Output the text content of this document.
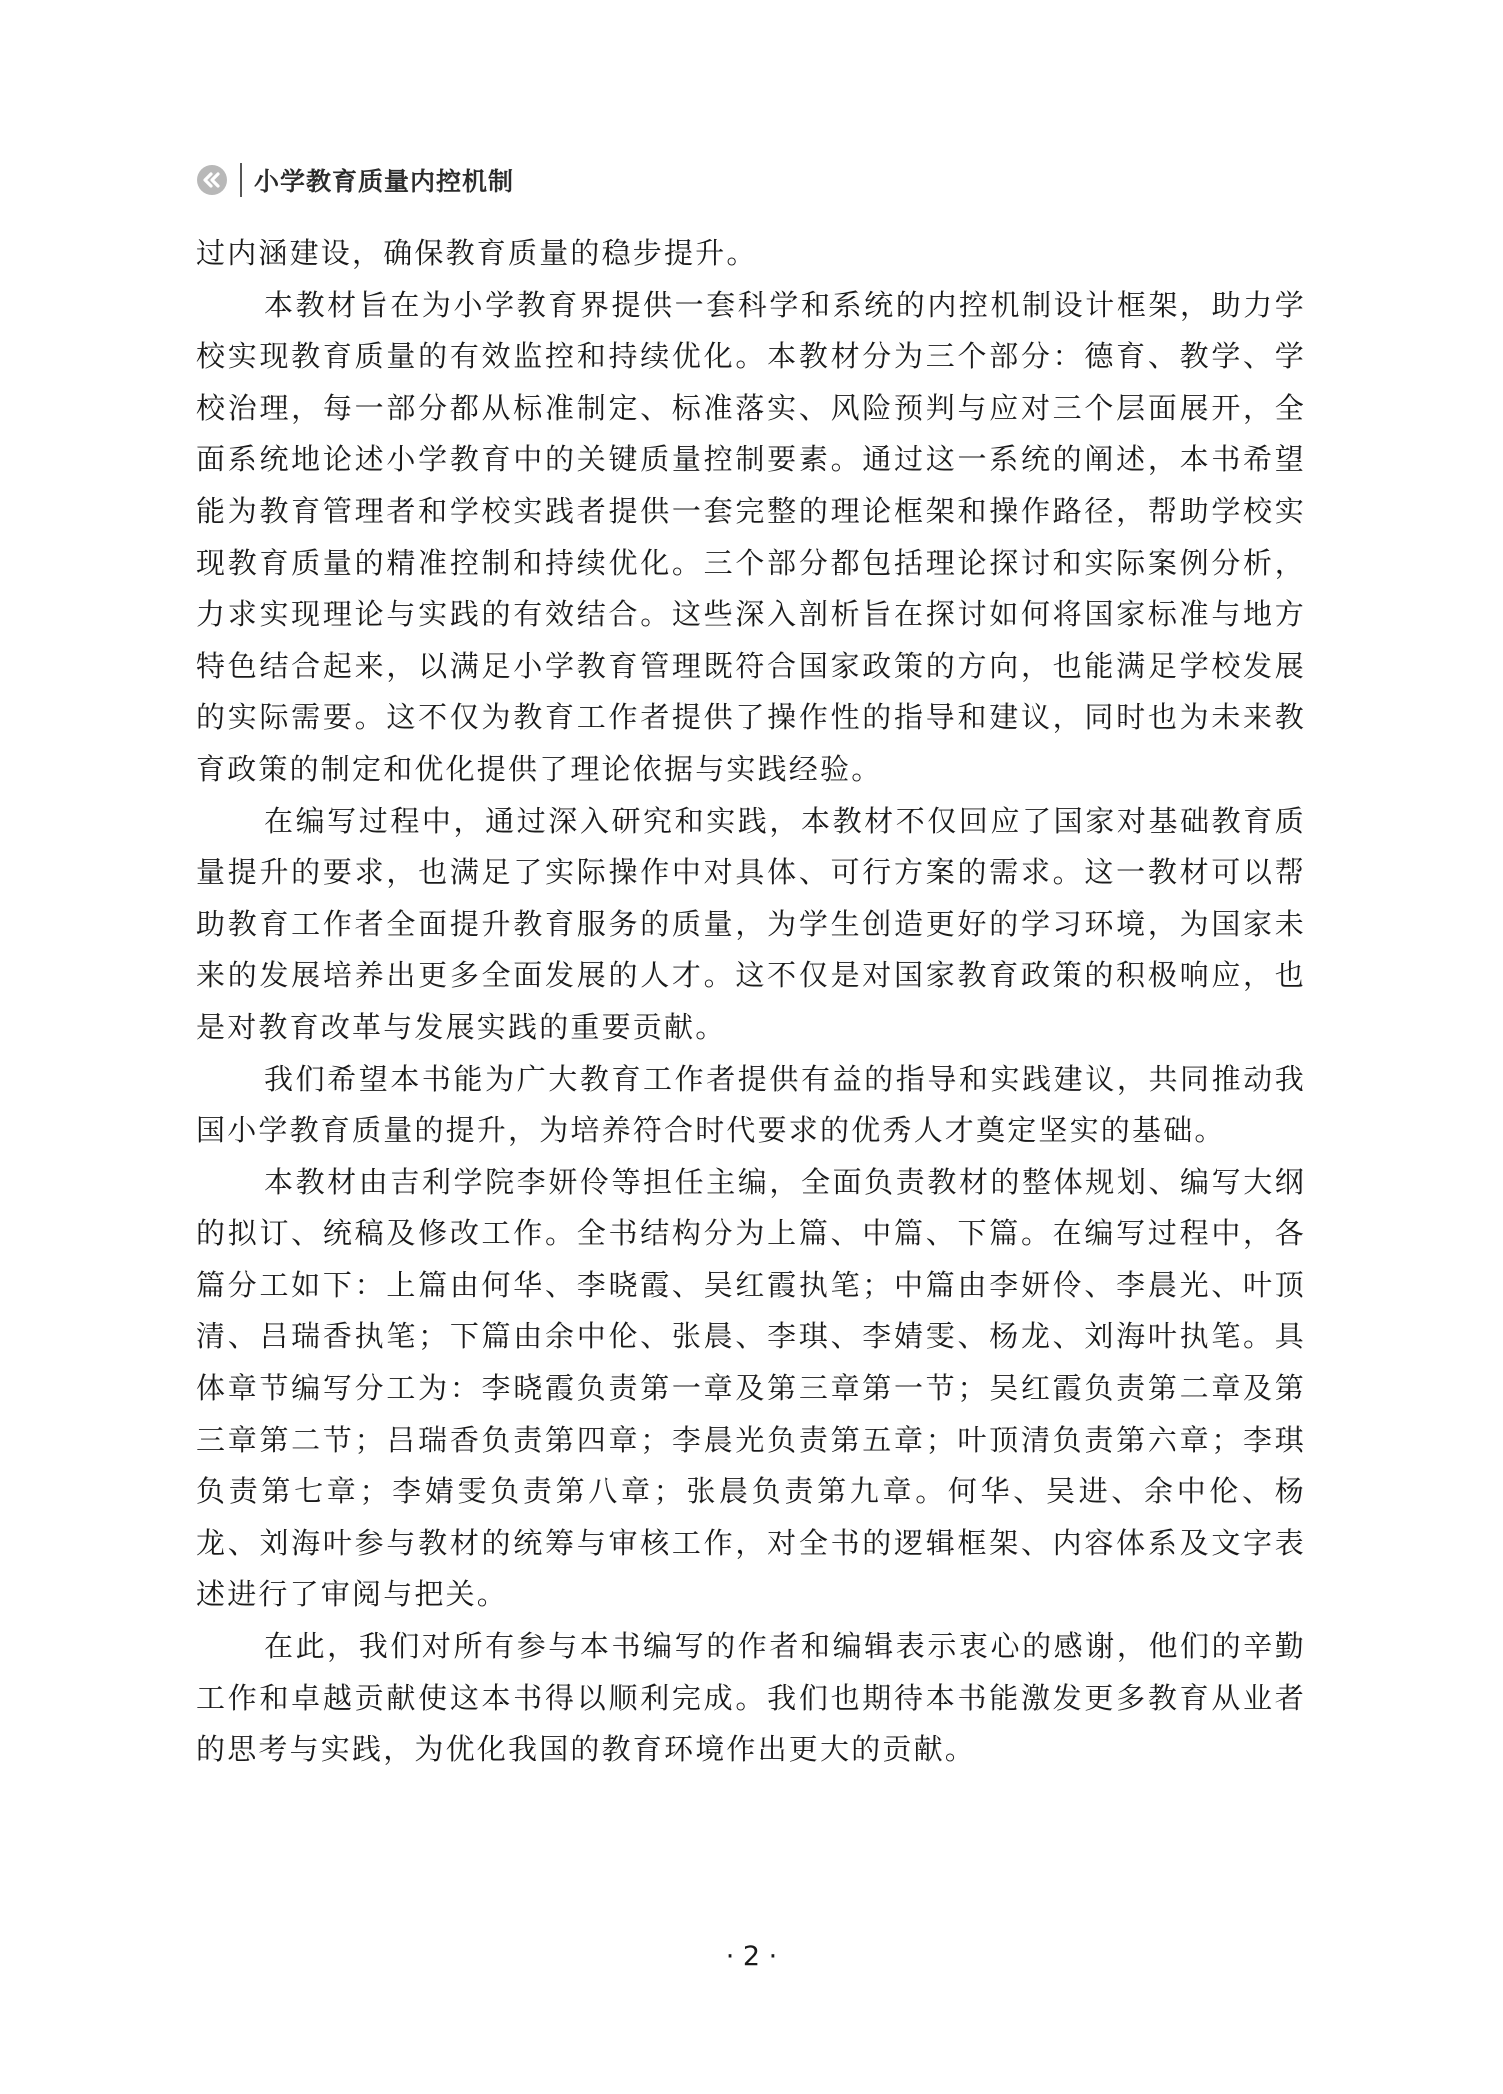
小学教育质量内控机制

过内涵建设，确保教育质量的稳步提升。

本教材旨在为小学教育界提供一套科学和系统的内控机制设计框架，助力学校实现教育质量的有效监控和持续优化。本教材分为三个部分：德育、教学、学校治理，每一部分都从标准制定、标准落实、风险预判与应对三个层面展开，全面系统地论述小学教育中的关键质量控制要素。通过这一系统的阐述，本书希望能为教育管理者和学校实践者提供一套完整的理论框架和操作路径，帮助学校实现教育质量的精准控制和持续优化。三个部分都包括理论探讨和实际案例分析，力求实现理论与实践的有效结合。这些深入剖析旨在探讨如何将国家标准与地方特色结合起来，以满足小学教育管理既符合国家政策的方向，也能满足学校发展的实际需要。这不仅为教育工作者提供了操作性的指导和建议，同时也为未来教育政策的制定和优化提供了理论依据与实践经验。

在编写过程中，通过深入研究和实践，本教材不仅回应了国家对基础教育质量提升的要求，也满足了实际操作中对具体、可行方案的需求。这一教材可以帮助教育工作者全面提升教育服务的质量，为学生创造更好的学习环境，为国家未来的发展培养出更多全面发展的人才。这不仅是对国家教育政策的积极响应，也是对教育改革与发展实践的重要贡献。

我们希望本书能为广大教育工作者提供有益的指导和实践建议，共同推动我国小学教育质量的提升，为培养符合时代要求的优秀人才奠定坚实的基础。

本教材由吉利学院李妍伶等担任主编，全面负责教材的整体规划、编写大纲的拟订、统稿及修改工作。全书结构分为上篇、中篇、下篇。在编写过程中，各篇分工如下：上篇由何华、李晓霞、吴红霞执笔；中篇由李妍伶、李晨光、叶顶清、吕瑞香执笔；下篇由余中伦、张晨、李琪、李婧雯、杨龙、刘海叶执笔。具体章节编写分工为：李晓霞负责第一章及第三章第一节；吴红霞负责第二章及第三章第二节；吕瑞香负责第四章；李晨光负责第五章；叶顶清负责第六章；李琪负责第七章；李婧雯负责第八章；张晨负责第九章。何华、吴进、余中伦、杨龙、刘海叶参与教材的统筹与审核工作，对全书的逻辑框架、内容体系及文字表述进行了审阅与把关。

在此，我们对所有参与本书编写的作者和编辑表示衷心的感谢，他们的辛勤工作和卓越贡献使这本书得以顺利完成。我们也期待本书能激发更多教育从业者的思考与实践，为优化我国的教育环境作出更大的贡献。

· 2 ·
